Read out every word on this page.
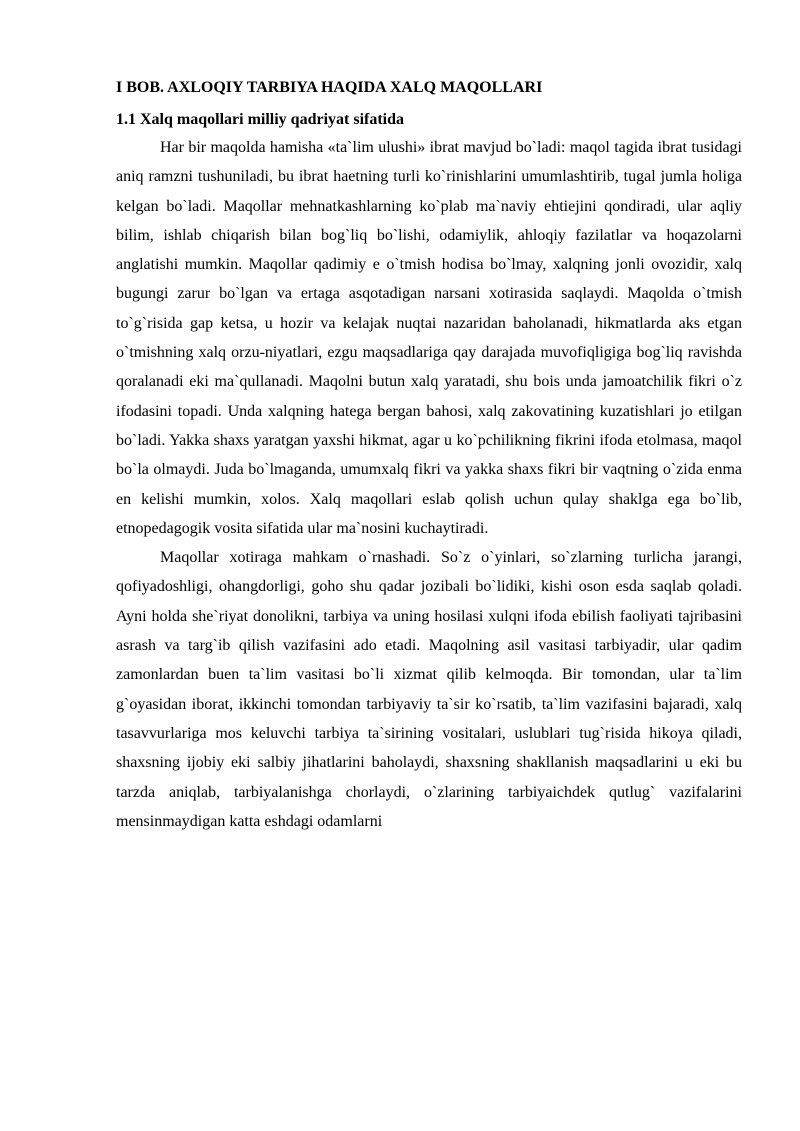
I BOB. AXLOQIY TARBIYA HAQIDA XALQ MAQOLLARI

1.1 Xalq maqollari milliy qadriyat sifatida

Har bir maqolda hamisha «ta`lim ulushi» ibrat mavjud bo`ladi: maqol tagida ibrat tusidagi aniq ramzni tushuniladi, bu ibrat haetning turli ko`rinishlarini umumlashtirib, tugal jumla holiga kelgan bo`ladi. Maqollar mehnatkashlarning ko`plab ma`naviy ehtiejini qondiradi, ular aqliy bilim, ishlab chiqarish bilan bog`liq bo`lishi, odamiylik, ahloqiy fazilatlar va hoqazolarni anglatishi mumkin. Maqollar qadimiy e o`tmish hodisa bo`lmay, xalqning jonli ovozidir, xalq bugungi zarur bo`lgan va ertaga asqotadigan narsani xotirasida saqlaydi. Maqolda o`tmish to`g`risida gap ketsa, u hozir va kelajak nuqtai nazaridan baholanadi, hikmatlarda aks etgan o`tmishning xalq orzu-niyatlari, ezgu maqsadlariga qay darajada muvofiqligiga bog`liq ravishda qoralanadi eki ma`qullanadi. Maqolni butun xalq yaratadi, shu bois unda jamoatchilik fikri o`z ifodasini topadi. Unda xalqning hatega bergan bahosi, xalq zakovatining kuzatishlari jo etilgan bo`ladi. Yakka shaxs yaratgan yaxshi hikmat, agar u ko`pchilikning fikrini ifoda etolmasa, maqol bo`la olmaydi. Juda bo`lmaganda, umumxalq fikri va yakka shaxs fikri bir vaqtning o`zida enma en kelishi mumkin, xolos. Xalq maqollari eslab qolish uchun qulay shaklga ega bo`lib, etnopedagogik vosita sifatida ular ma`nosini kuchaytiradi.

Maqollar xotiraga mahkam o`rnashadi. So`z o`yinlari, so`zlarning turlicha jarangi, qofiyadoshligi, ohangdorligi, goho shu qadar jozibali bo`lidiki, kishi oson esda saqlab qoladi. Ayni holda she`riyat donolikni, tarbiya va uning hosilasi xulqni ifoda ebilish faoliyati tajribasini asrash va targ`ib qilish vazifasini ado etadi. Maqolning asil vasitasi tarbiyadir, ular qadim zamonlardan buen ta`lim vasitasi bo`li xizmat qilib kelmoqda. Bir tomondan, ular ta`lim g`oyasidan iborat, ikkinchi tomondan tarbiyaviy ta`sir ko`rsatib, ta`lim vazifasini bajaradi, xalq tasavvurlariga mos keluvchi tarbiya ta`sirining vositalari, uslublari tug`risida hikoya qiladi, shaxsning ijobiy eki salbiy jihatlarini baholaydi, shaxsning shakllanish maqsadlarini u eki bu tarzda aniqlab, tarbiyalanishga chorlaydi, o`zlarining tarbiyaichdek qutlug` vazifalarini mensinmaydigan katta eshdagi odamlarni
